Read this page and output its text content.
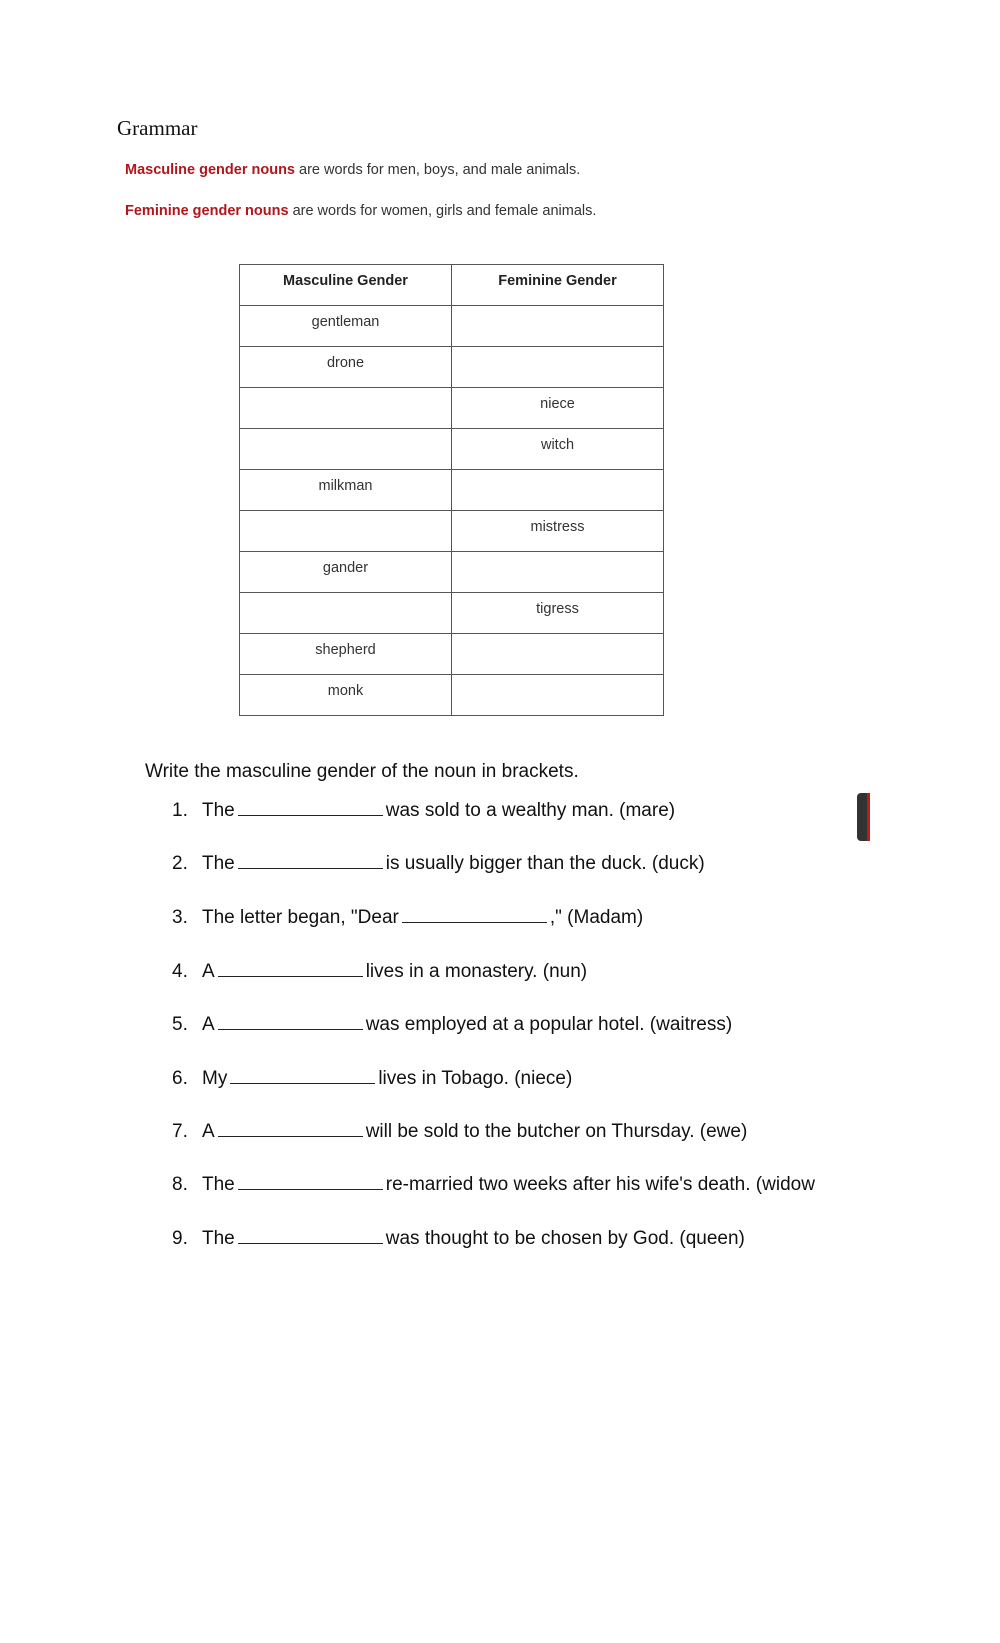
Grammar
Masculine gender nouns are words for men, boys, and male animals.
Feminine gender nouns are words for women, girls and female animals.
Masculine Gender	Feminine Gender
gentleman	
drone	
	niece
	witch
milkman	
	mistress
gander	
	tigress
shepherd	
monk	
Write the masculine gender of the noun in brackets.
1. The	was sold to a wealthy man. (mare)
2. The	is usually bigger than the duck. (duck)
3. The letter began, "Dear	," (Madam)
4. A	lives in a monastery. (nun)
5. A	was employed at a popular hotel. (waitress)
6. My	lives in Tobago. (niece)
7. A	will be sold to the butcher on Thursday. (ewe)
8. The	re-married two weeks after his wife's death. (widow
9. The	was thought to be chosen by God. (queen)
